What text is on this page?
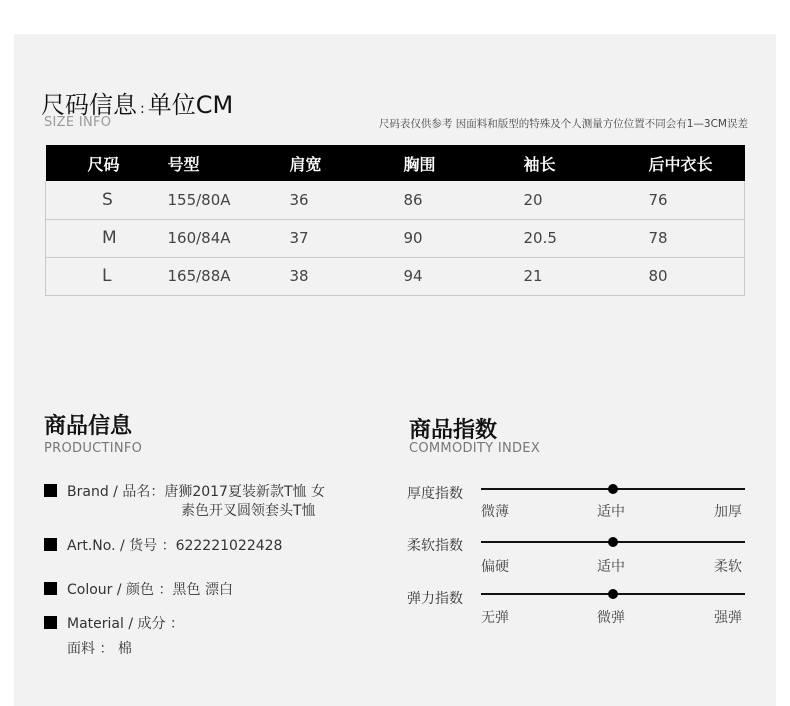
尺码信息 : 单位CM
SIZE INFO	尺码表仅供参考 因面料和版型的特殊及个人测量方位位置不同会有1—3CM误差
尺码	号型	肩宽	胸围	袖长	后中衣长
S	155/80A	36	86	20	76
M	160/84A	37	90	20.5	78
L	165/88A	38	94	21	80
商品信息
PRODUCTINFO
Brand / 品名：唐狮2017夏装新款T恤 女
素色开叉圆领套头T恤
Art.No. / 货号 ：622221022428
Colour / 颜色 ：黑色 漂白
Material / 成分 ：
面料 ： 棉
商品指数
COMMODITY INDEX
厚度指数
微薄	适中	加厚
柔软指数
偏硬	适中	柔软
弹力指数
无弹	微弹	强弹
